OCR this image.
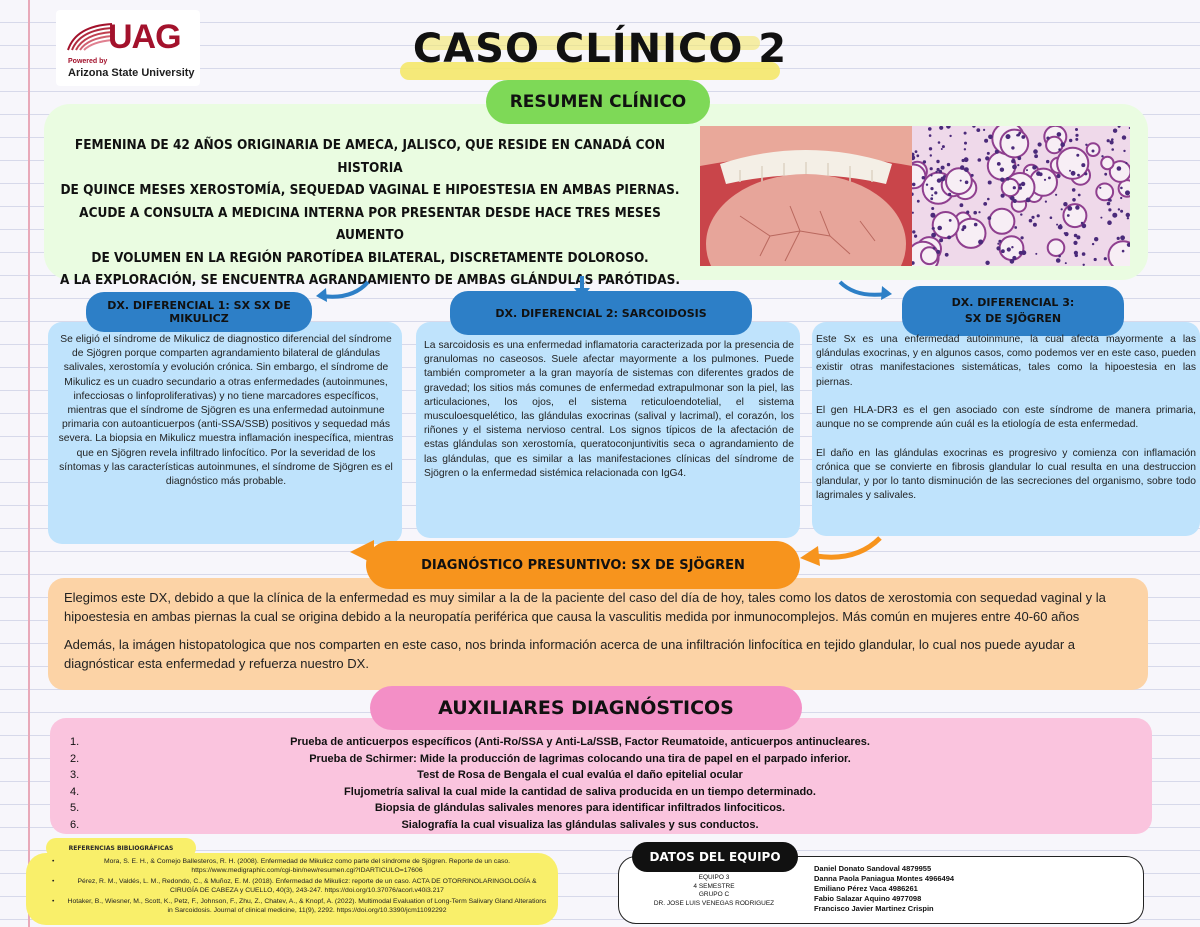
UAG
Powered by
Arizona State University
CASO CLÍNICO 2
RESUMEN CLÍNICO
FEMENINA DE 42 AÑOS ORIGINARIA DE AMECA, JALISCO, QUE RESIDE EN CANADÁ CON HISTORIA
DE QUINCE MESES XEROSTOMÍA, SEQUEDAD VAGINAL E HIPOESTESIA EN AMBAS PIERNAS.
ACUDE A CONSULTA A MEDICINA INTERNA POR PRESENTAR DESDE HACE TRES MESES AUMENTO
DE VOLUMEN EN LA REGIÓN PAROTÍDEA BILATERAL, DISCRETAMENTE DOLOROSO.
A LA EXPLORACIÓN, SE ENCUENTRA AGRANDAMIENTO DE AMBAS GLÁNDULAS PARÓTIDAS.
DX. DIFERENCIAL 1: SX SX DE MIKULICZ
Se eligió el síndrome de Mikulicz de diagnostico diferencial del síndrome de Sjögren porque comparten agrandamiento bilateral de glándulas salivales, xerostomía y evolución crónica. Sin embargo, el síndrome de Mikulicz es un cuadro secundario a otras enfermedades (autoinmunes, infecciosas o linfoproliferativas) y no tiene marcadores específicos, mientras que el síndrome de Sjögren es una enfermedad autoinmune primaria con autoanticuerpos (anti-SSA/SSB) positivos y sequedad más severa. La biopsia en Mikulicz muestra inflamación inespecífica, mientras que en Sjögren revela infiltrado linfocítico. Por la severidad de los síntomas y las características autoinmunes, el síndrome de Sjögren es el diagnóstico más probable.
DX. DIFERENCIAL 2: SARCOIDOSIS
La sarcoidosis es una enfermedad inflamatoria caracterizada por la presencia de granulomas no caseosos. Suele afectar mayormente a los pulmones. Puede también comprometer a la gran mayoría de sistemas con diferentes grados de gravedad; los sitios más comunes de enfermedad extrapulmonar son la piel, las articulaciones, los ojos, el sistema reticuloendotelial, el sistema musculoesquelético, las glándulas exocrinas (salival y lacrimal), el corazón, los riñones y el sistema nervioso central. Los signos típicos de la afectación de estas glándulas son xerostomía, queratoconjuntivitis seca o agrandamiento de las glándulas, que es similar a las manifestaciones clínicas del síndrome de Sjögren o la enfermedad sistémica relacionada con IgG4.
DX. DIFERENCIAL 3:
SX DE SJÖGREN

Este Sx es una enfermedad autoinmune, la cual afecta mayormente a las glándulas exocrinas, y en algunos casos, como podemos ver en este caso, pueden existir otras manifestaciones sistemáticas, tales como la hipoestesia en las piernas.

El gen HLA-DR3 es el gen asociado con este síndrome de manera primaria, aunque no se comprende aún cuál es la etiología de esta enfermedad.

El daño en las glándulas exocrinas es progresivo y comienza con inflamación crónica que se convierte en fibrosis glandular lo cual resulta en una destruccion glandular, y por lo tanto disminución de las secreciones del organismo, sobre todo lagrimales y salivales.

DIAGNÓSTICO PRESUNTIVO: SX DE SJÖGREN

Elegimos este DX, debido a que la clínica de la enfermedad es muy similar a la de la paciente del caso del día de hoy, tales como los datos de xerostomia con sequedad vaginal y la hipoestesia en ambas piernas la cual se origina debido a la neuropatía periférica que causa la vasculitis medida por inmunocomplejos. Más común en mujeres entre 40-60 años

Además, la imágen histopatologica que nos comparten en este caso, nos brinda información acerca de una infiltración linfocítica en tejido glandular, lo cual nos puede ayudar a diagnósticar esta enfermedad y refuerza nuestro DX.

AUXILIARES DIAGNÓSTICOS
1.	Prueba de anticuerpos específicos (Anti-Ro/SSA y Anti-La/SSB, Factor Reumatoide, anticuerpos antinucleares.
2.	Prueba de Schirmer: Mide la producción de lagrimas colocando una tira de papel en el parpado inferior.
3.	Test de Rosa de Bengala el cual evalúa el daño epitelial ocular
4.	Flujometría salival la cual mide la cantidad de saliva producida en un tiempo determinado.
5.	Biopsia de glándulas salivales menores para identificar infiltrados linfociticos.
6.	Sialografía la cual visualiza las glándulas salivales y sus conductos.
REFERENCIAS BIBLIOGRÁFICAS
• Mora, S. E. H., & Cornejo Ballesteros, R. H. (2008). Enfermedad de Mikulicz como parte del síndrome de Sjögren. Reporte de un caso. https://www.medigraphic.com/cgi-bin/new/resumen.cgi?IDARTICULO=17606
• Pérez, R. M., Valdés, L. M., Redondo, C., & Muñoz, E. M. (2018). Enfermedad de Mikulicz: reporte de un caso. ACTA DE OTORRINOLARINGOLOGÍA & CIRUGÍA DE CABEZA y CUELLO, 40(3), 243-247. https://doi.org/10.37076/acorl.v40i3.217
• Hotaker, B., Wiesner, M., Scott, K., Petz, F., Johnson, F., Zhu, Z., Chatev, A., & Knopf, A. (2022). Multimodal Evaluation of Long-Term Salivary Gland Alterations in Sarcoidosis. Journal of clinical medicine, 11(9), 2292. https://doi.org/10.3390/jcm11092292
DATOS DEL EQUIPO
EQUIPO 3
4 SEMESTRE
GRUPO C
DR. JOSE LUIS VENEGAS RODRIGUEZ
Daniel Donato Sandoval 4879955
Danna Paola Paniagua Montes 4966494
Emiliano Pérez Vaca 4986261
Fabio Salazar Aquino 4977098
Francisco Javier Martinez Crispin
